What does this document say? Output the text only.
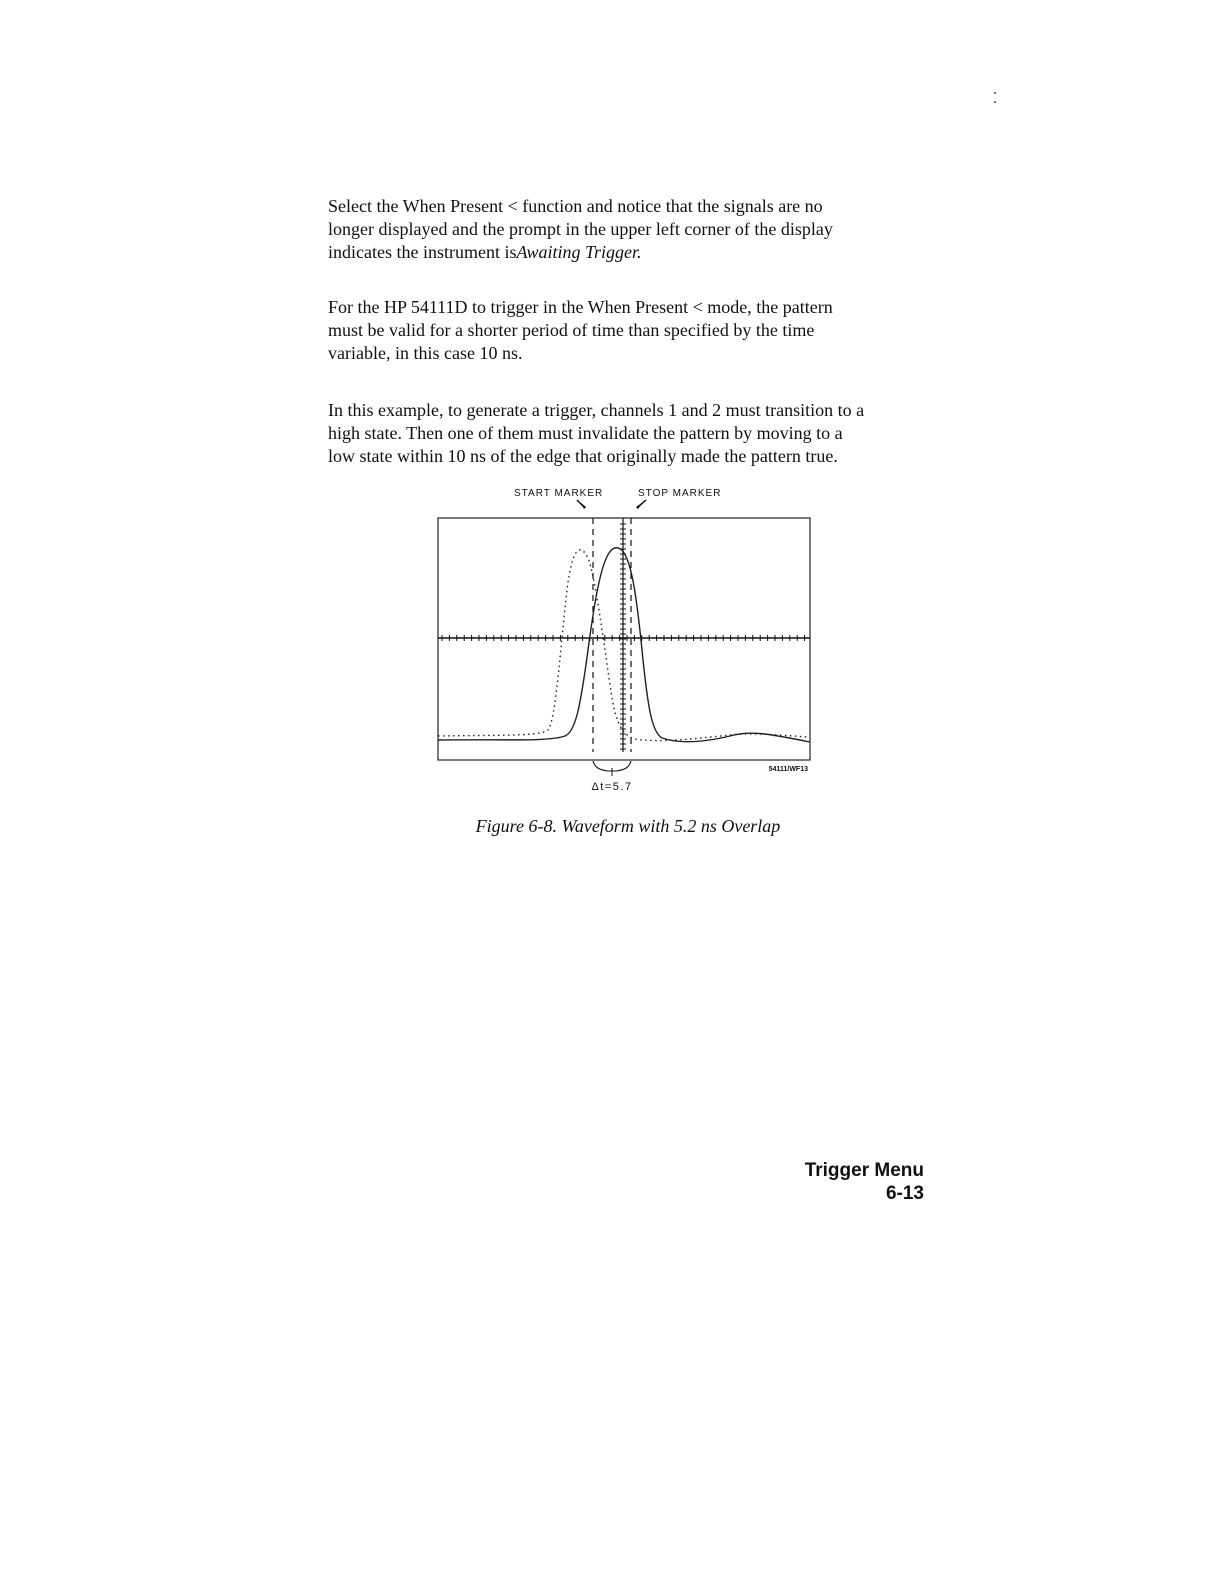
Select the When Present < function and notice that the signals are no
longer displayed and the prompt in the upper left corner of the display
indicates the instrument isAwaiting Trigger.

For the HP 54111D to trigger in the When Present < mode, the pattern
must be valid for a shorter period of time than specified by the time
variable, in this case 10 ns.

In this example, to generate a trigger, channels 1 and 2 must transition to a
high state. Then one of them must invalidate the pattern by moving to a
low state within 10 ns of the edge that originally made the pattern true.

START MARKER	STOP MARKER
Δt=5.7
54111/WF13
Figure 6-8. Waveform with 5.2 ns Overlap
Trigger Menu
6-13
